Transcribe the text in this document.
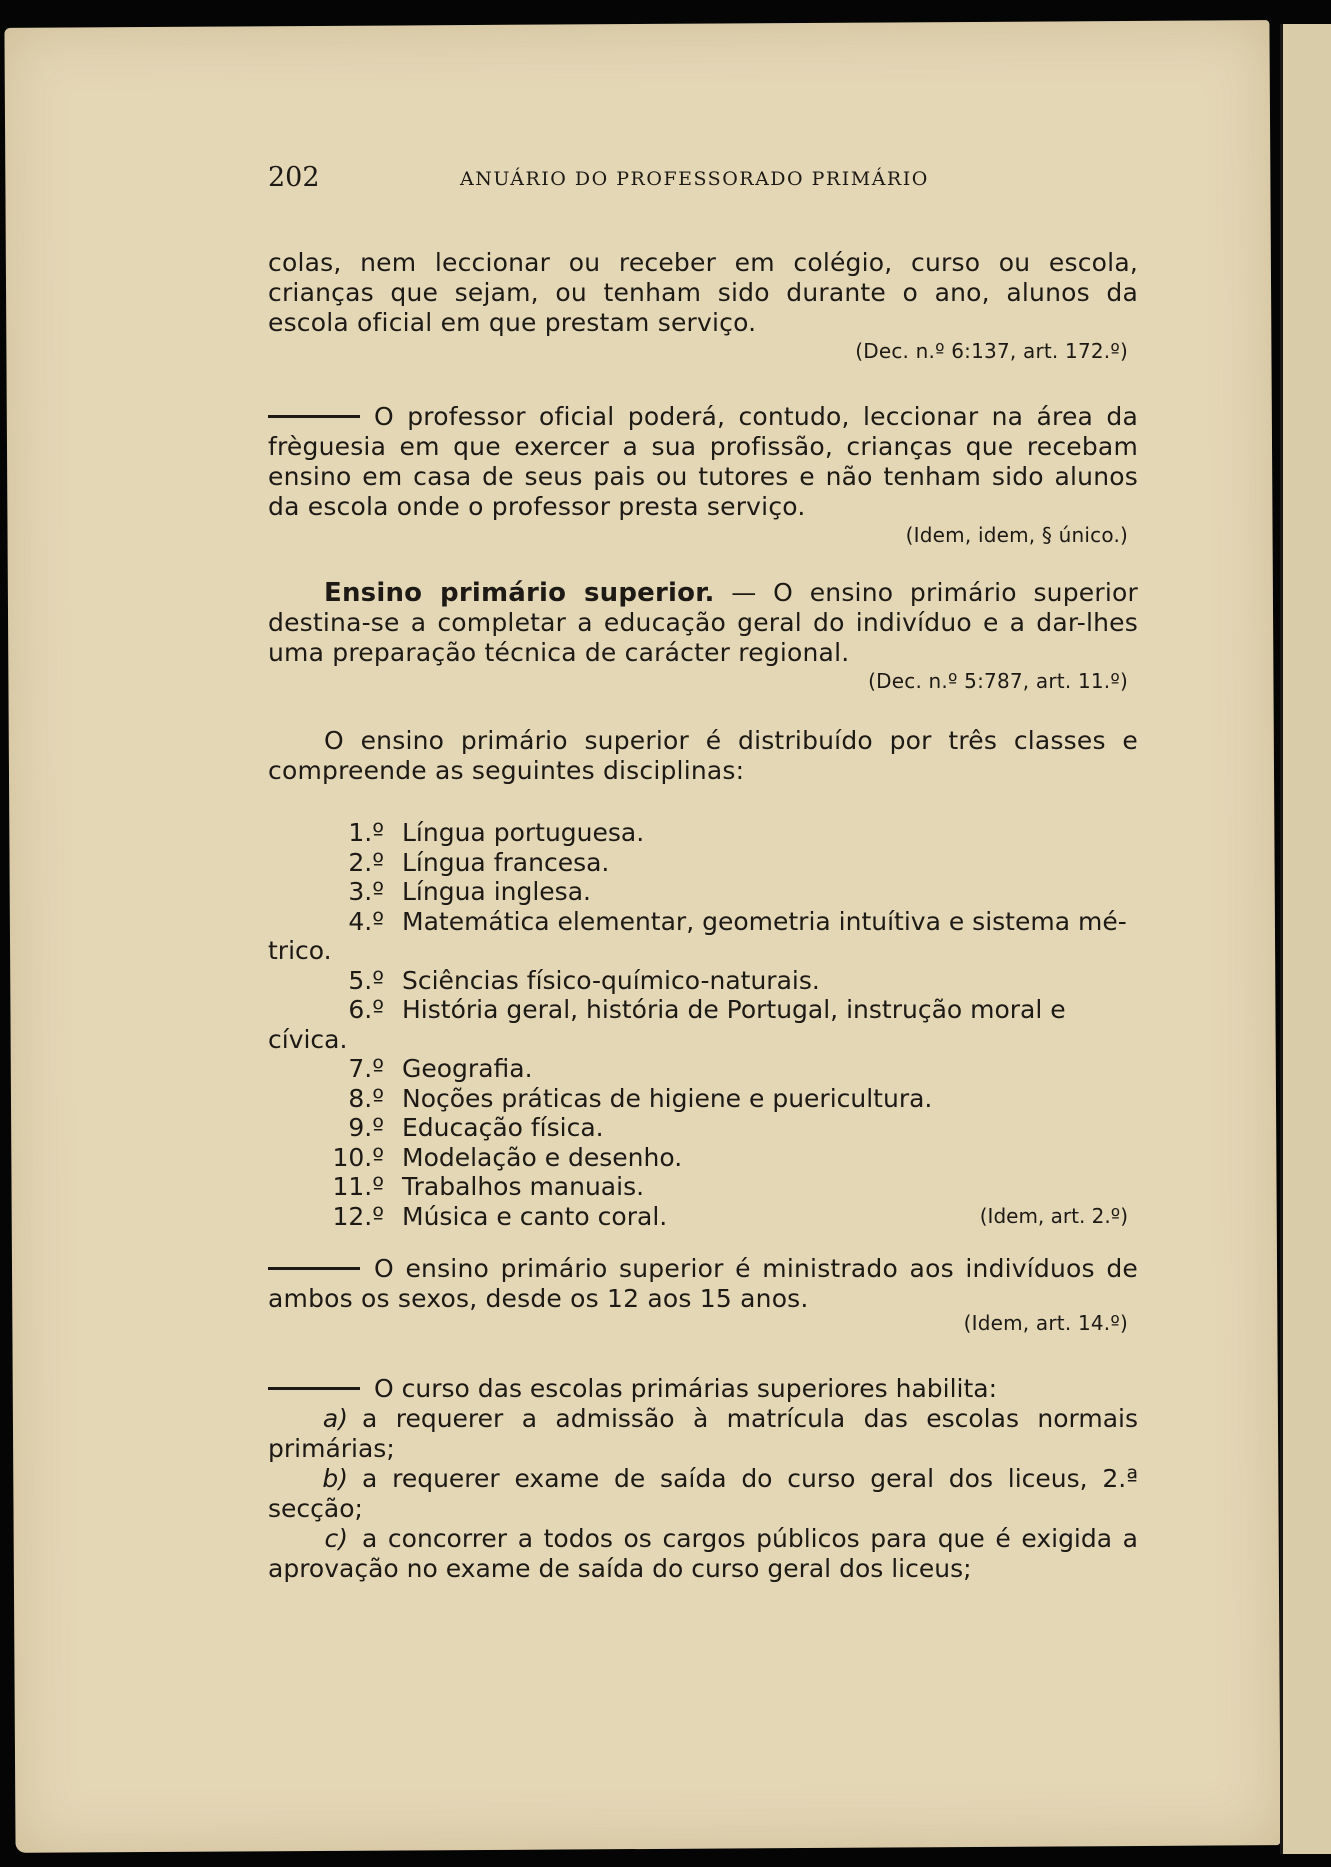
202	ANUÁRIO DO PROFESSORADO PRIMÁRIO

colas, nem leccionar ou receber em colégio, curso ou escola, crianças que sejam, ou tenham sido durante o ano, alunos da escola oficial em que prestam serviço.

(Dec. n.º 6:137, art. 172.º)

O professor oficial poderá, contudo, leccionar na área da frèguesia em que exercer a sua profissão, crianças que recebam ensino em casa de seus pais ou tutores e não tenham sido alunos da escola onde o professor presta serviço.

(Idem, idem, § único.)

Ensino primário superior. — O ensino primário superior destina-se a completar a educação geral do indivíduo e a dar-lhes uma preparação técnica de carácter regional.

(Dec. n.º 5:787, art. 11.º)

O ensino primário superior é distribuído por três classes e compreende as seguintes disciplinas:

1.º Língua portuguesa.
2.º Língua francesa.
3.º Língua inglesa.
4.º Matemática elementar, geometria intuítiva e sistema mé-
trico.
5.º Sciências físico-químico-naturais.
6.º História geral, história de Portugal, instrução moral e
cívica.
7.º Geografia.
8.º Noções práticas de higiene e puericultura.
9.º Educação física.
10.º Modelação e desenho.
11.º Trabalhos manuais.
12.º Música e canto coral.	(Idem, art. 2.º)

O ensino primário superior é ministrado aos indivíduos de ambos os sexos, desde os 12 aos 15 anos.

(Idem, art. 14.º)

O curso das escolas primárias superiores habilita:

a) a requerer a admissão à matrícula das escolas normais primárias;

b) a requerer exame de saída do curso geral dos liceus, 2.ª secção;

c) a concorrer a todos os cargos públicos para que é exigida a aprovação no exame de saída do curso geral dos liceus;
